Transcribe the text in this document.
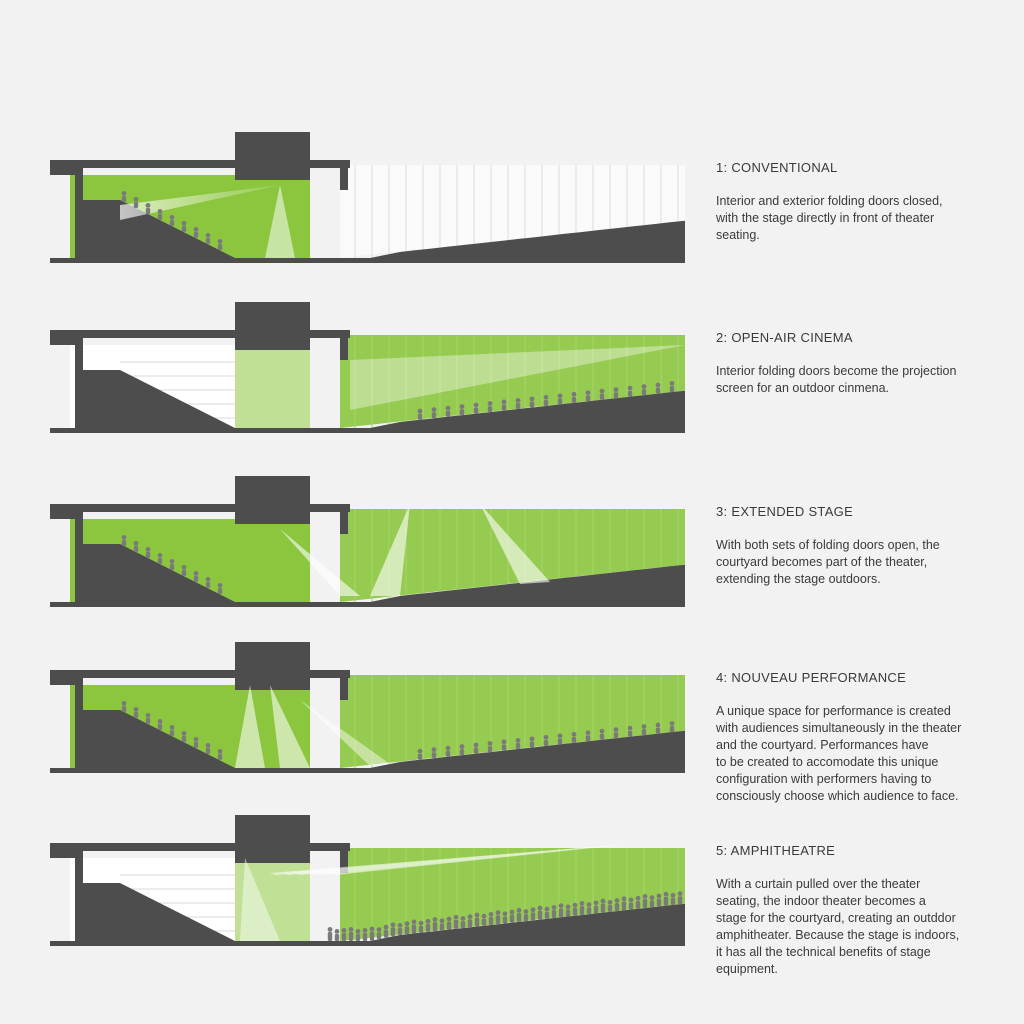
1: CONVENTIONAL

Interior and exterior folding doors closed,
with the stage directly in front of theater
seating.

2: OPEN-AIR CINEMA

Interior folding doors become the projection
screen for an outdoor cinmena.

3: EXTENDED STAGE

With both sets of folding doors open, the
courtyard becomes part of the theater,
extending the stage outdoors.

4: NOUVEAU PERFORMANCE

A unique space for performance is created
with audiences simultaneously in the theater
and the courtyard. Performances have
to be created to accomodate this unique
configuration with performers having to
consciously choose which audience to face.

5: AMPHITHEATRE

With a curtain pulled over the theater
seating, the indoor theater becomes a
stage for the courtyard, creating an outddor
amphitheater. Because the stage is indoors,
it has all the technical benefits of stage
equipment.
